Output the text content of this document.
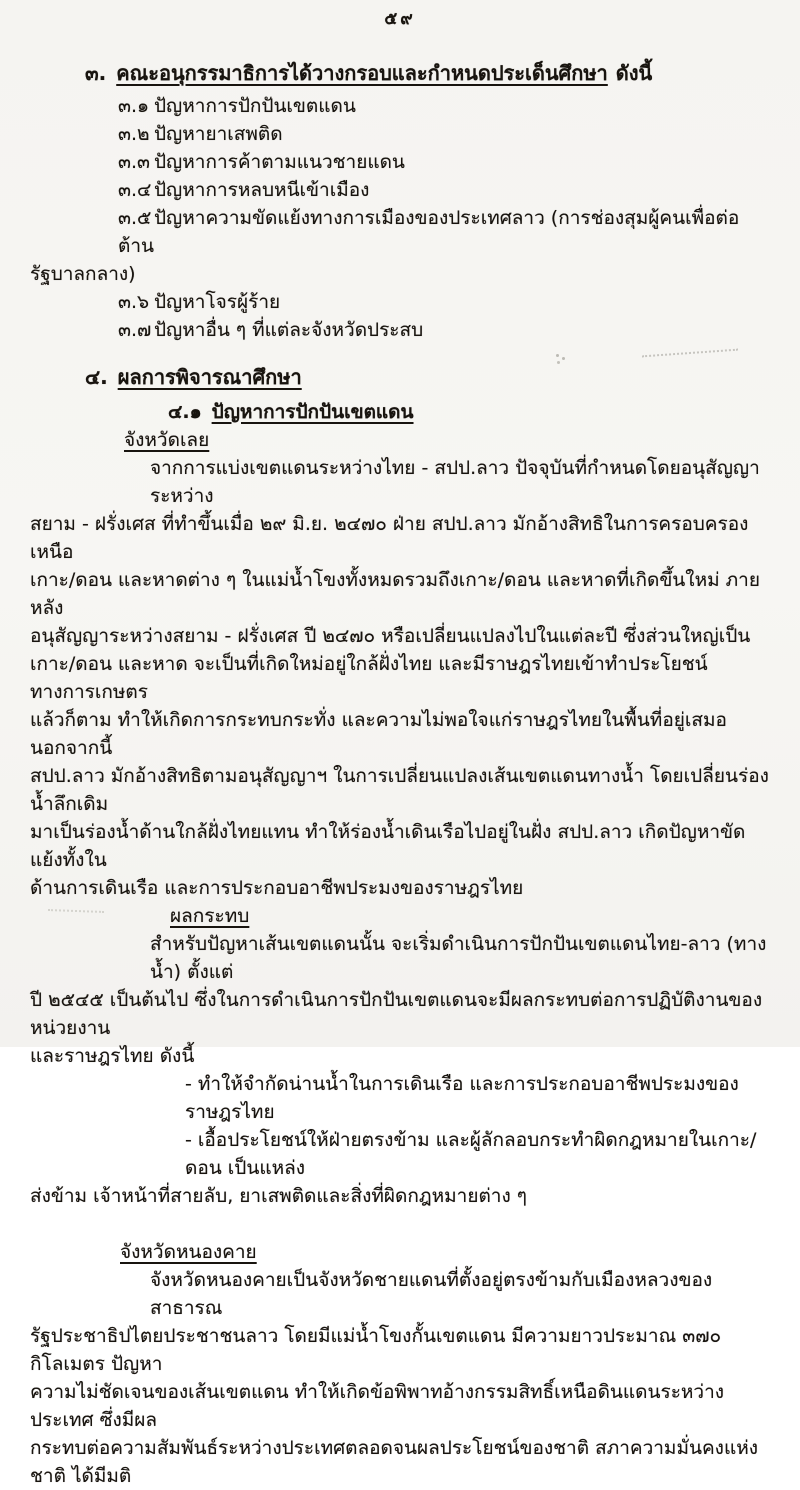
๕๙
๓. คณะอนุกรรมาธิการได้วางกรอบและกำหนดประเด็นศึกษา ดังนี้
๓.๑ ปัญหาการปักปันเขตแดน
๓.๒ ปัญหายาเสพติด
๓.๓ ปัญหาการค้าตามแนวชายแดน
๓.๔ ปัญหาการหลบหนีเข้าเมือง
๓.๕ ปัญหาความขัดแย้งทางการเมืองของประเทศลาว (การช่องสุมผู้คนเพื่อต่อต้าน
รัฐบาลกลาง)
๓.๖ ปัญหาโจรผู้ร้าย
๓.๗ ปัญหาอื่น ๆ ที่แต่ละจังหวัดประสบ
๔. ผลการพิจารณาศึกษา
๔.๑ ปัญหาการปักปันเขตแดน
จังหวัดเลย
จากการแบ่งเขตแดนระหว่างไทย - สปป.ลาว ปัจจุบันที่กำหนดโดยอนุสัญญาระหว่าง
สยาม - ฝรั่งเศส ที่ทำขึ้นเมื่อ ๒๙ มิ.ย. ๒๔๗๐ ฝ่าย สปป.ลาว มักอ้างสิทธิในการครอบครองเหนือ
เกาะ/ดอน และหาดต่าง ๆ ในแม่น้ำโขงทั้งหมดรวมถึงเกาะ/ดอน และหาดที่เกิดขึ้นใหม่ ภายหลัง
อนุสัญญาระหว่างสยาม - ฝรั่งเศส ปี ๒๔๗๐ หรือเปลี่ยนแปลงไปในแต่ละปี ซึ่งส่วนใหญ่เป็น
เกาะ/ดอน และหาด จะเป็นที่เกิดใหม่อยู่ใกล้ฝั่งไทย และมีราษฎรไทยเข้าทำประโยชน์ทางการเกษตร
แล้วก็ตาม ทำให้เกิดการกระทบกระทั่ง และความไม่พอใจแก่ราษฎรไทยในพื้นที่อยู่เสมอ นอกจากนี้
สปป.ลาว มักอ้างสิทธิตามอนุสัญญาฯ ในการเปลี่ยนแปลงเส้นเขตแดนทางน้ำ โดยเปลี่ยนร่องน้ำลึกเดิม
มาเป็นร่องน้ำด้านใกล้ฝั่งไทยแทน ทำให้ร่องน้ำเดินเรือไปอยู่ในฝั่ง สปป.ลาว เกิดปัญหาขัดแย้งทั้งใน
ด้านการเดินเรือ และการประกอบอาชีพประมงของราษฎรไทย
ผลกระทบ
สำหรับปัญหาเส้นเขตแดนนั้น จะเริ่มดำเนินการปักปันเขตแดนไทย-ลาว (ทางน้ำ) ตั้งแต่
ปี ๒๕๔๕ เป็นต้นไป ซึ่งในการดำเนินการปักปันเขตแดนจะมีผลกระทบต่อการปฏิบัติงานของหน่วยงาน
และราษฎรไทย ดังนี้
- ทำให้จำกัดน่านน้ำในการเดินเรือ และการประกอบอาชีพประมงของราษฎรไทย
- เอื้อประโยชน์ให้ฝ่ายตรงข้าม และผู้ลักลอบกระทำผิดกฎหมายในเกาะ/ดอน เป็นแหล่ง
ส่งข้าม เจ้าหน้าที่สายลับ, ยาเสพติดและสิ่งที่ผิดกฎหมายต่าง ๆ
จังหวัดหนองคาย
จังหวัดหนองคายเป็นจังหวัดชายแดนที่ตั้งอยู่ตรงข้ามกับเมืองหลวงของสาธารณ
รัฐประชาธิปไตยประชาชนลาว โดยมีแม่น้ำโขงกั้นเขตแดน มีความยาวประมาณ ๓๗๐ กิโลเมตร ปัญหา
ความไม่ชัดเจนของเส้นเขตแดน ทำให้เกิดข้อพิพาทอ้างกรรมสิทธิ์เหนือดินแดนระหว่างประเทศ ซึ่งมีผล
กระทบต่อความสัมพันธ์ระหว่างประเทศตลอดจนผลประโยชน์ของชาติ สภาความมั่นคงแห่งชาติ ได้มีมติ
